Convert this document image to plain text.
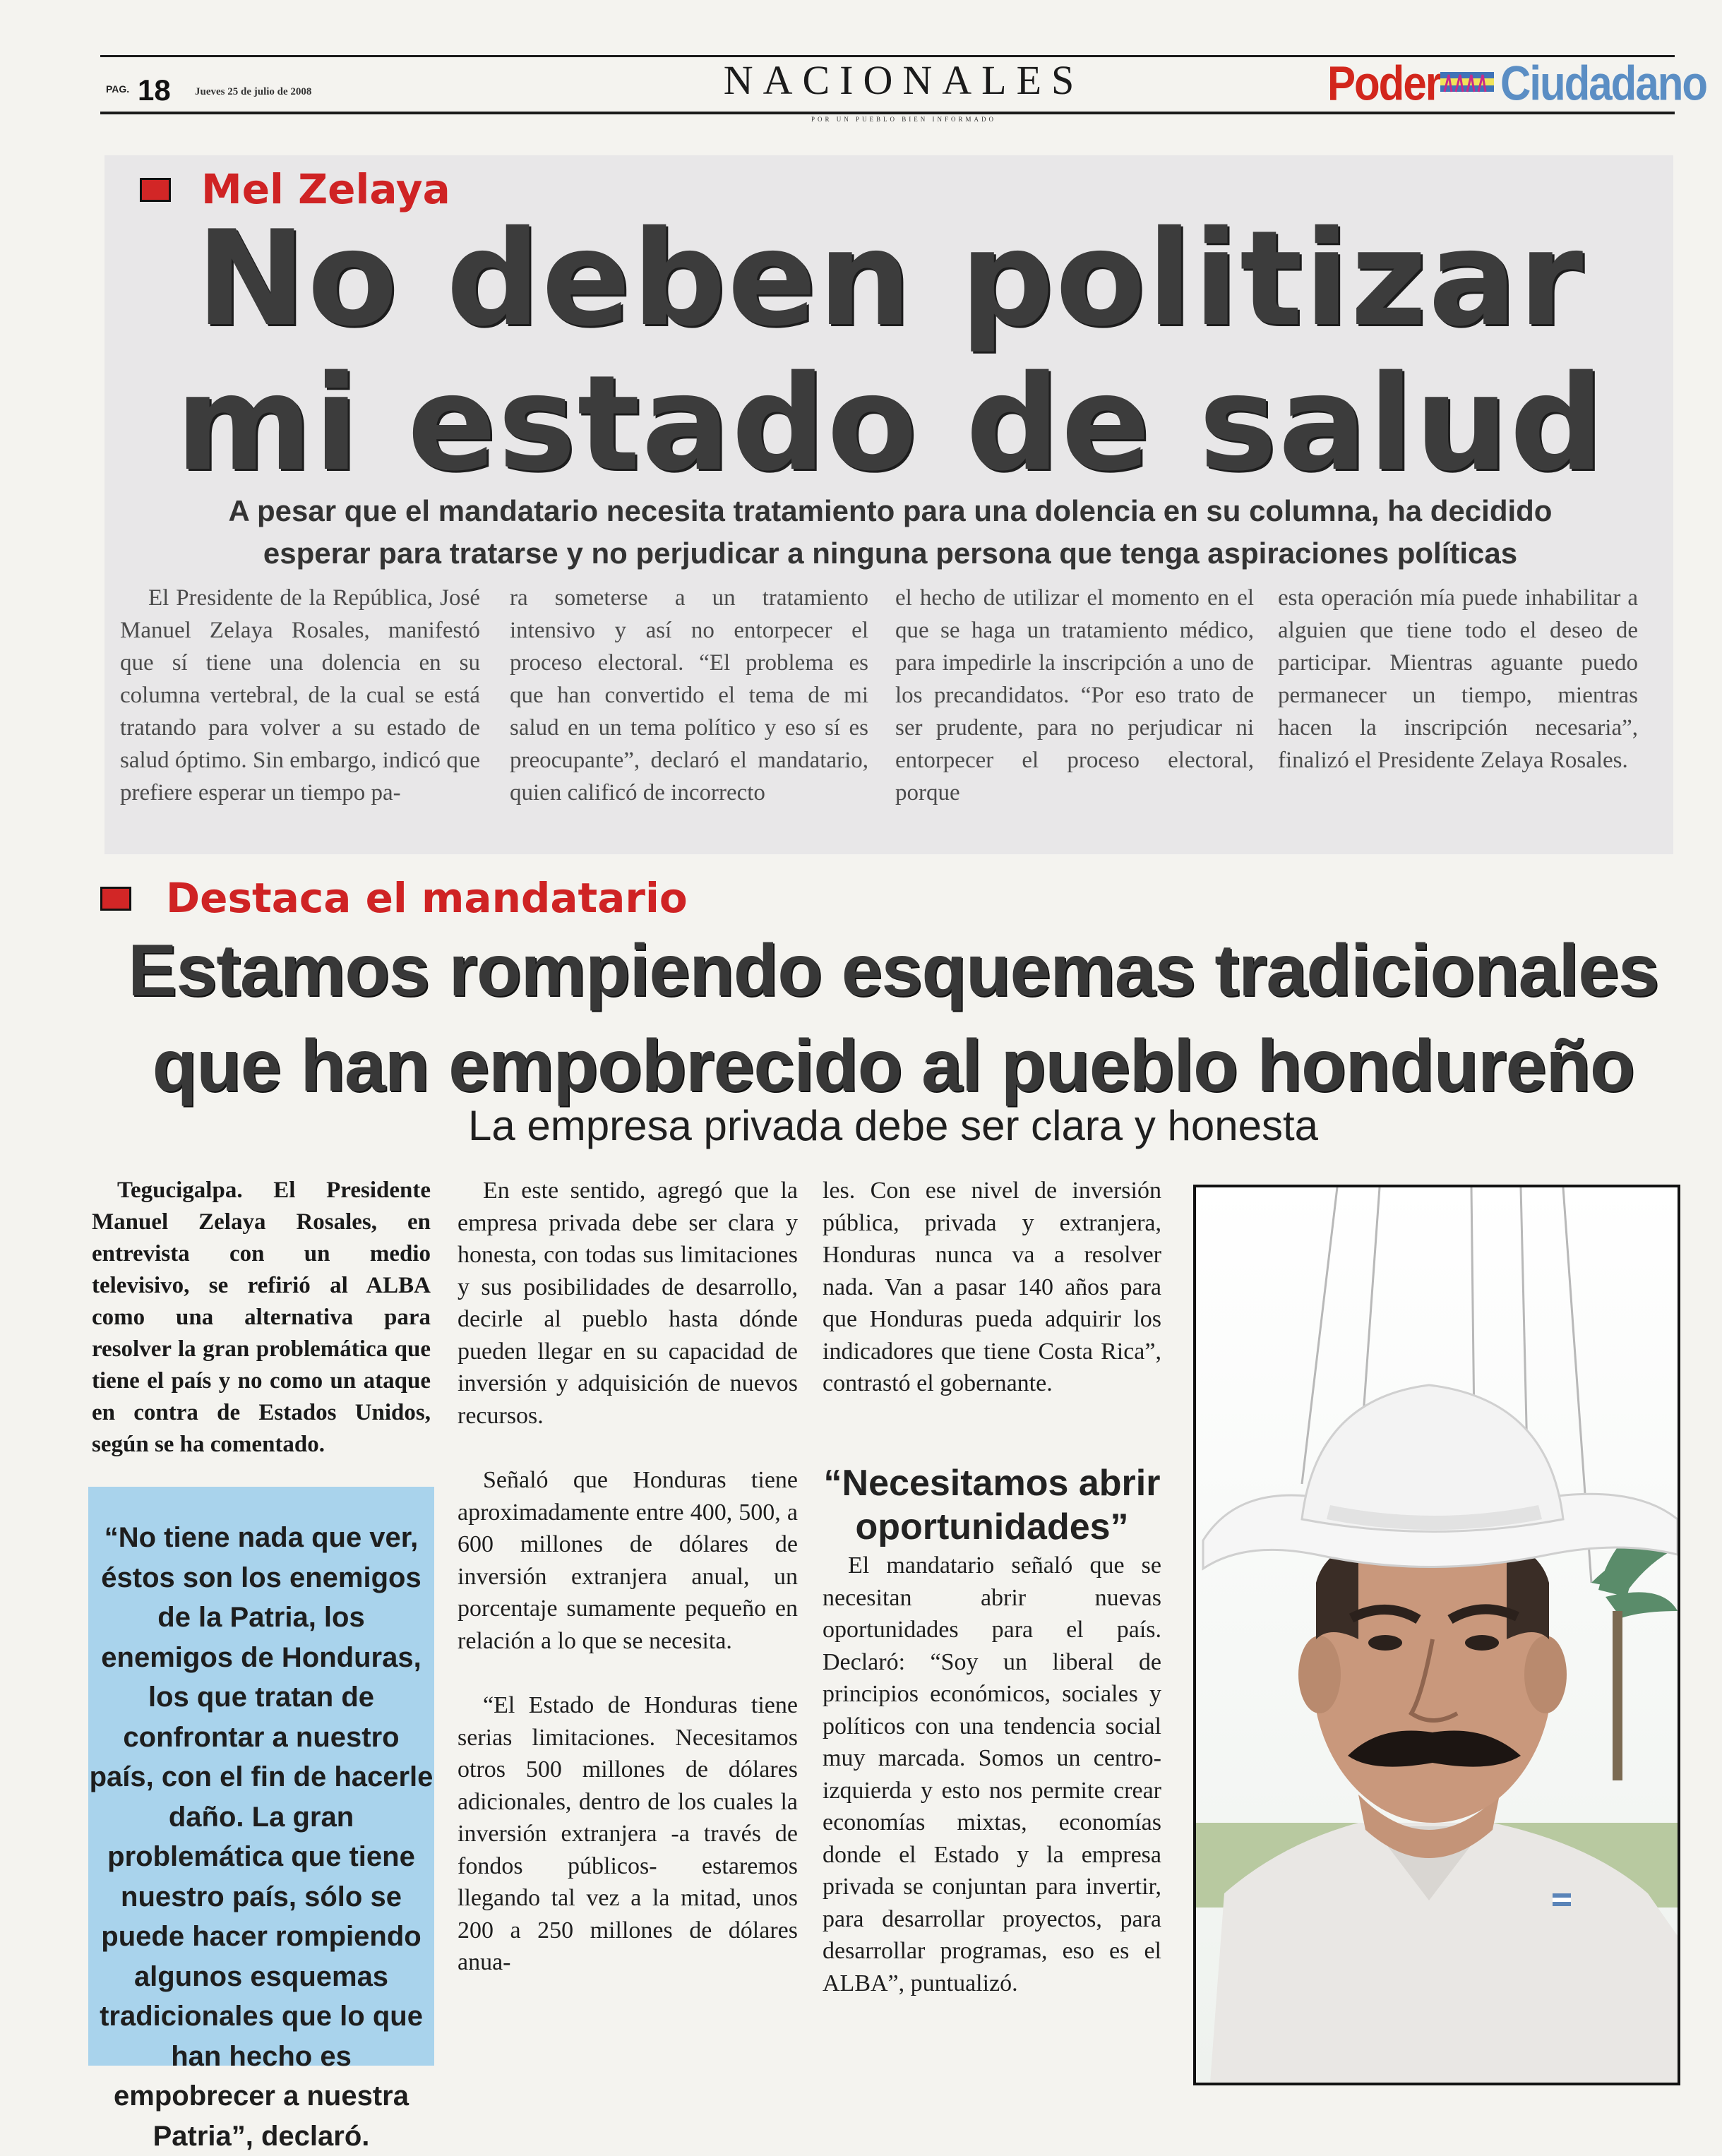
PAG. 18 Jueves 25 de julio de 2008	NACIONALES
POR UN PUEBLO BIEN INFORMADO
Poder Ciudadano
Mel Zelaya
No deben politizar
mi estado de salud
A pesar que el mandatario necesita tratamiento para una dolencia en su columna, ha decidido
esperar para tratarse y no perjudicar a ninguna persona que tenga aspiraciones políticas
El Presidente de la República, José Manuel Zelaya Rosales, manifestó que sí tiene una dolencia en su columna vertebral, de la cual se está tratando para volver a su estado de salud óptimo. Sin embargo, indicó que prefiere esperar un tiempo pa-
ra someterse a un tratamiento intensivo y así no entorpecer el proceso electoral. “El problema es que han convertido el tema de mi salud en un tema político y eso sí es preocupante”, declaró el mandatario, quien calificó de incorrecto
el hecho de utilizar el momento en el que se haga un tratamiento médico, para impedirle la inscripción a uno de los precandidatos. “Por eso trato de ser prudente, para no perjudicar ni entorpecer el proceso electoral, porque
esta operación mía puede inhabilitar a alguien que tiene todo el deseo de participar. Mientras aguante puedo permanecer un tiempo, mientras hacen la inscripción necesaria”, finalizó el Presidente Zelaya Rosales.
Destaca el mandatario
Estamos rompiendo esquemas tradicionales
que han empobrecido al pueblo hondureño
La empresa privada debe ser clara y honesta
Tegucigalpa. El Presidente Manuel Zelaya Rosales, en entrevista con un medio televisivo, se refirió al ALBA como una alternativa para resolver la gran problemática que tiene el país y no como un ataque en contra de Estados Unidos, según se ha comentado.
“No tiene nada que ver, éstos son los enemigos de la Patria, los enemigos de Honduras, los que tratan de confrontar a nuestro país, con el fin de hacerle daño. La gran problemática que tiene nuestro país, sólo se puede hacer rompiendo algunos esquemas tradicionales que lo que han hecho es empobrecer a nuestra Patria”, declaró.

En este sentido, agregó que la empresa privada debe ser clara y honesta, con todas sus limitaciones y sus posibilidades de desarrollo, decirle al pueblo hasta dónde pueden llegar en su capacidad de inversión y adquisición de nuevos recursos.

Señaló que Honduras tiene aproximadamente entre 400, 500, a 600 millones de dólares de inversión extranjera anual, un porcentaje sumamente pequeño en relación a lo que se necesita.

“El Estado de Honduras tiene serias limitaciones. Necesitamos otros 500 millones de dólares adicionales, dentro de los cuales la inversión extranjera -a través de fondos públicos- estaremos llegando tal vez a la mitad, unos 200 a 250 millones de dólares anua-

les. Con ese nivel de inversión pública, privada y extranjera, Honduras nunca va a resolver nada. Van a pasar 140 años para que Honduras pueda adquirir los indicadores que tiene Costa Rica”, contrastó el gobernante.

“Necesitamos abrir oportunidades”

El mandatario señaló que se necesitan abrir nuevas oportunidades para el país. Declaró: “Soy un liberal de principios económicos, sociales y políticos con una tendencia social muy marcada. Somos un centro-izquierda y esto nos permite crear economías mixtas, economías donde el Estado y la empresa privada se conjuntan para invertir, para desarrollar proyectos, para desarrollar programas, eso es el ALBA”, puntualizó.
